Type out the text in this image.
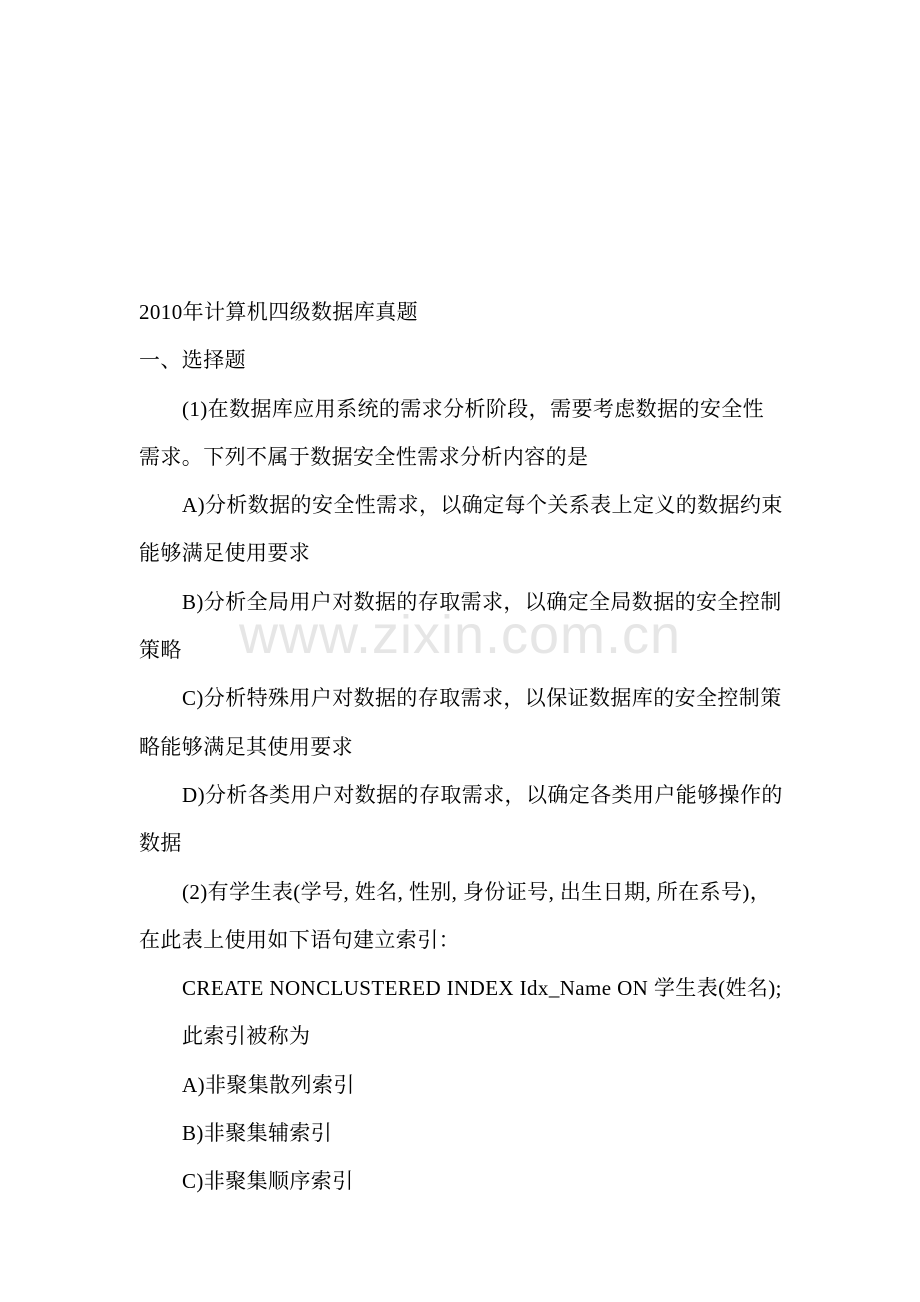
www.zixin.com.cn
2010年计算机四级数据库真题
一、选择题
(1)在数据库应用系统的需求分析阶段，需要考虑数据的安全性
需求。下列不属于数据安全性需求分析内容的是
A)分析数据的安全性需求，以确定每个关系表上定义的数据约束
能够满足使用要求
B)分析全局用户对数据的存取需求，以确定全局数据的安全控制
策略
C)分析特殊用户对数据的存取需求，以保证数据库的安全控制策
略能够满足其使用要求
D)分析各类用户对数据的存取需求，以确定各类用户能够操作的
数据
(2)有学生表(学号, 姓名, 性别, 身份证号, 出生日期, 所在系号)，
在此表上使用如下语句建立索引：
CREATE NONCLUSTERED INDEX Idx_Name ON 学生表(姓名);
此索引被称为
A)非聚集散列索引
B)非聚集辅索引
C)非聚集顺序索引
